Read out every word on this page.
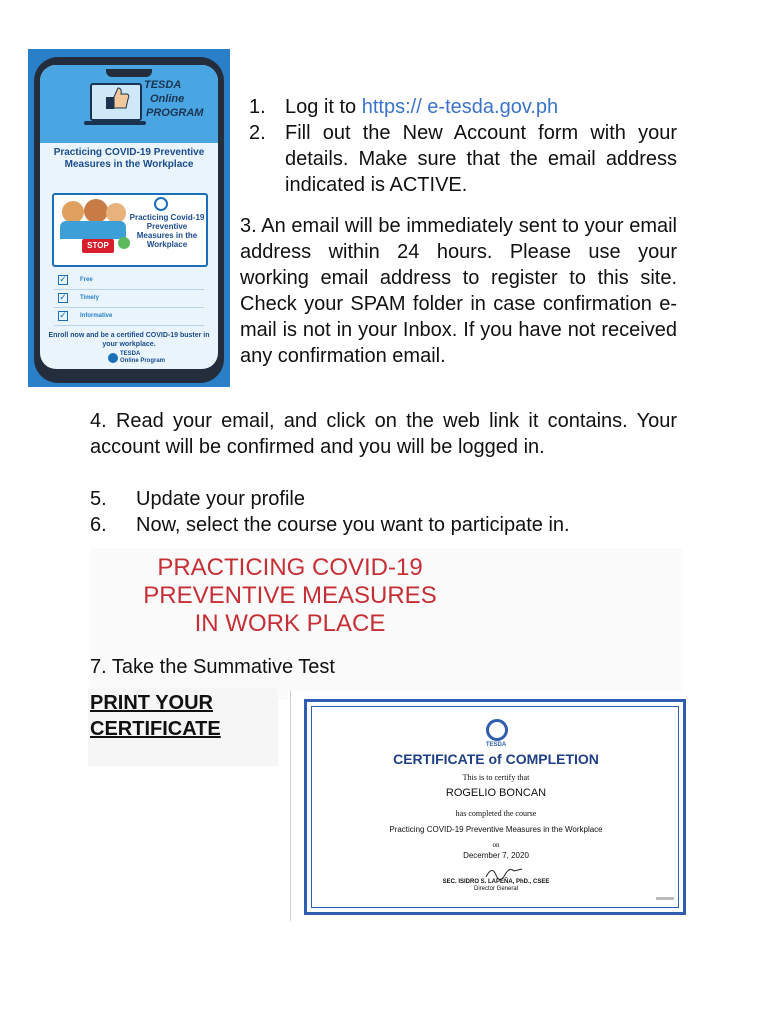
TESDA
Online
PROGRAM
Practicing COVID-19 Preventive Measures in the Workplace
Practicing Covid-19 Preventive Measures in the Workplace
STOP
✓ Free
✓ Timely
✓ Informative
Enroll now and be a certified COVID-19 buster in your workplace.
TESDA
Online Program
1. Log it to https:// e-tesda.gov.ph
2. Fill out the New Account form with your details. Make sure that the email address indicated is ACTIVE.
3. An email will be immediately sent to your email address within 24 hours. Please use your working email address to register to this site. Check your SPAM folder in case confirmation e-mail is not in your Inbox. If you have not received any confirmation email.
4. Read your email, and click on the web link it contains. Your account will be confirmed and you will be logged in.
5.	Update your profile
6.	Now, select the course you want to participate in.
PRACTICING COVID-19
PREVENTIVE MEASURES
IN WORK PLACE
7. Take the Summative Test
PRINT YOUR
CERTIFICATE
TESDA
CERTIFICATE of COMPLETION
This is to certify that
ROGELIO BONCAN
has completed the course
Practicing COVID-19 Preventive Measures in the Workplace
on
December 7, 2020
SEC. ISIDRO S. LAPEÑA, PhD., CSEE
Director General
